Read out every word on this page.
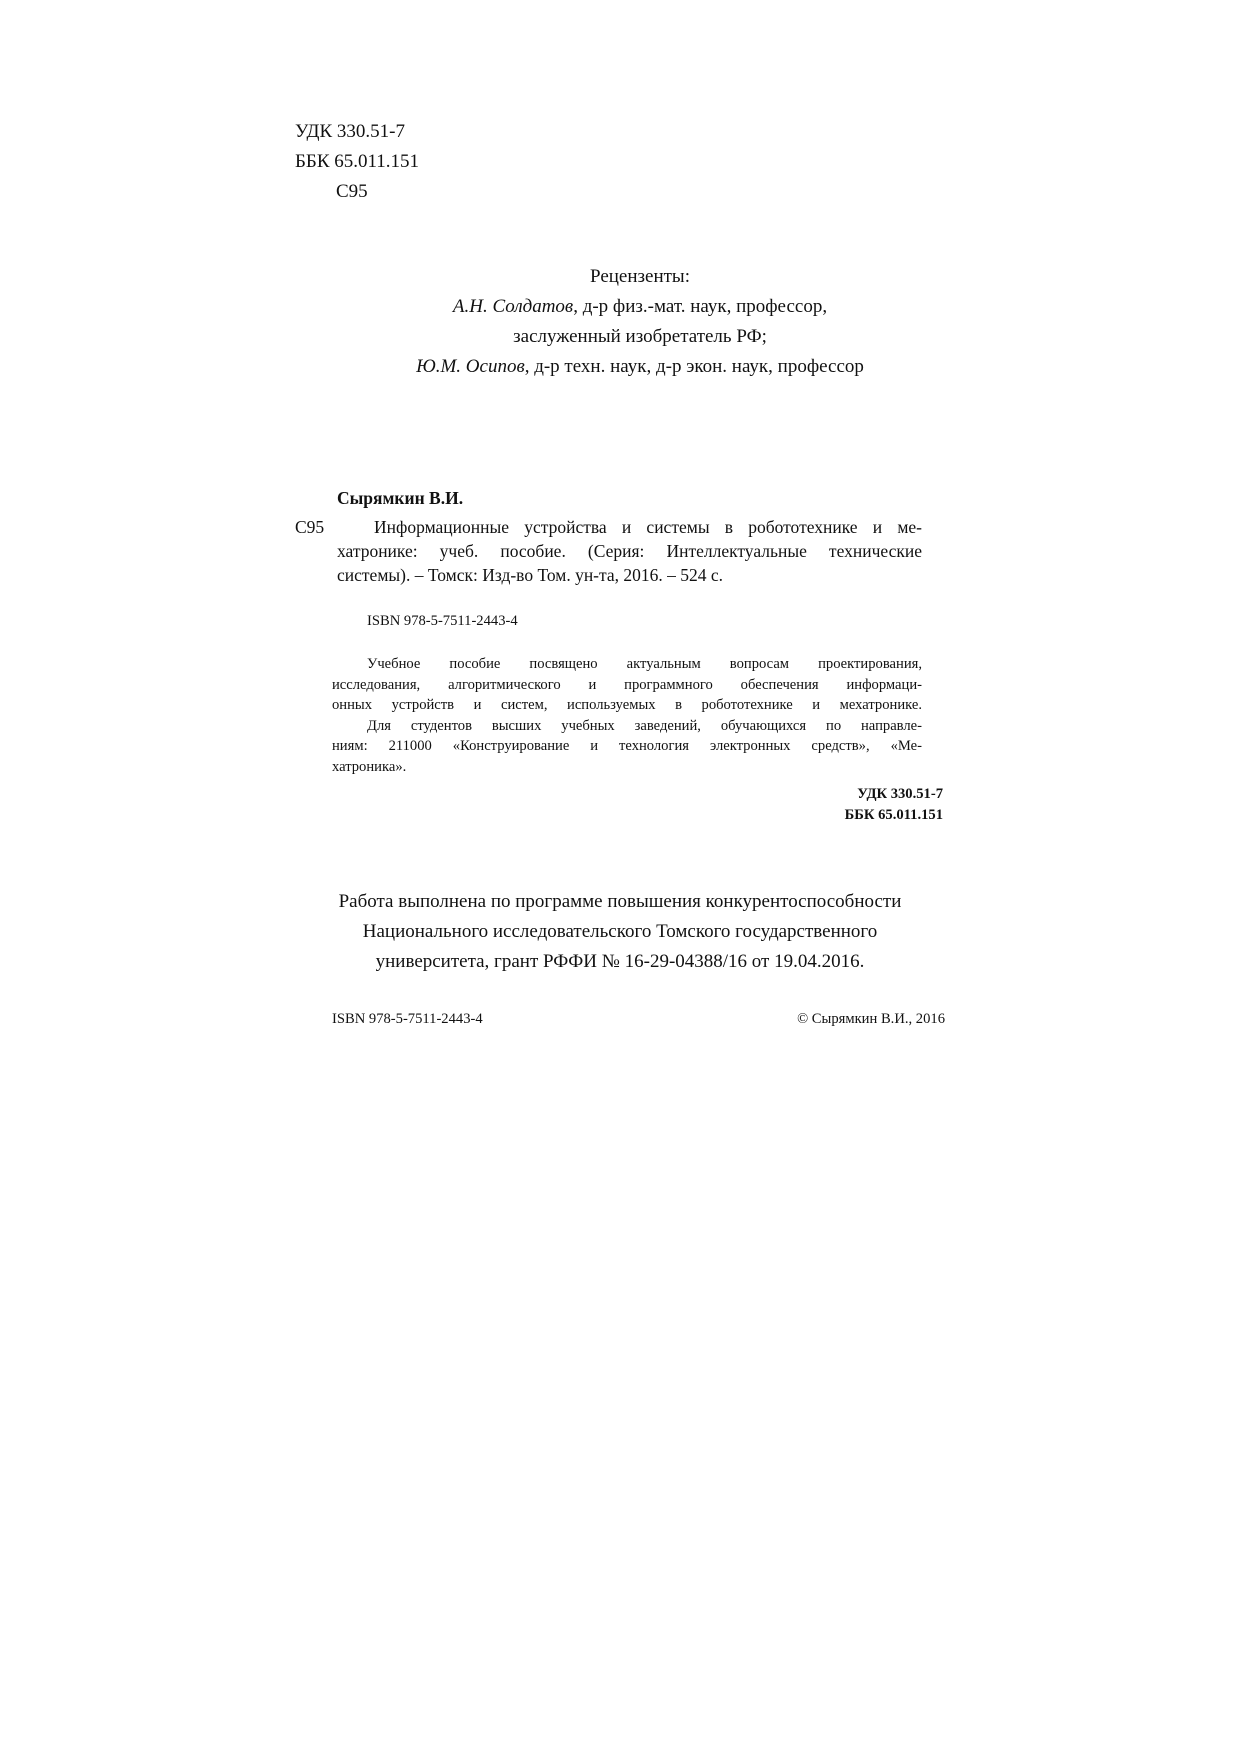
УДК 330.51-7
ББК 65.011.151
С95
Рецензенты:
А.Н. Солдатов, д-р физ.-мат. наук, профессор,
заслуженный изобретатель РФ;
Ю.М. Осипов, д-р техн. наук, д-р экон. наук, профессор
Сырямкин В.И.
С95	Информационные устройства и системы в робототехнике и ме-
хатронике: учеб. пособие. (Серия: Интеллектуальные технические
системы). – Томск: Изд-во Том. ун-та, 2016. – 524 с.
ISBN 978-5-7511-2443-4
Учебное пособие посвящено актуальным вопросам проектирования,
исследования, алгоритмического и программного обеспечения информаци-
онных устройств и систем, используемых в робототехнике и мехатронике.
Для студентов высших учебных заведений, обучающихся по направле-
ниям: 211000 «Конструирование и технология электронных средств», «Ме-
хатроника».
УДК 330.51-7
ББК 65.011.151
Работа выполнена по программе повышения конкурентоспособности
Национального исследовательского Томского государственного
университета, грант РФФИ № 16-29-04388/16 от 19.04.2016.
ISBN 978-5-7511-2443-4	© Сырямкин В.И., 2016
